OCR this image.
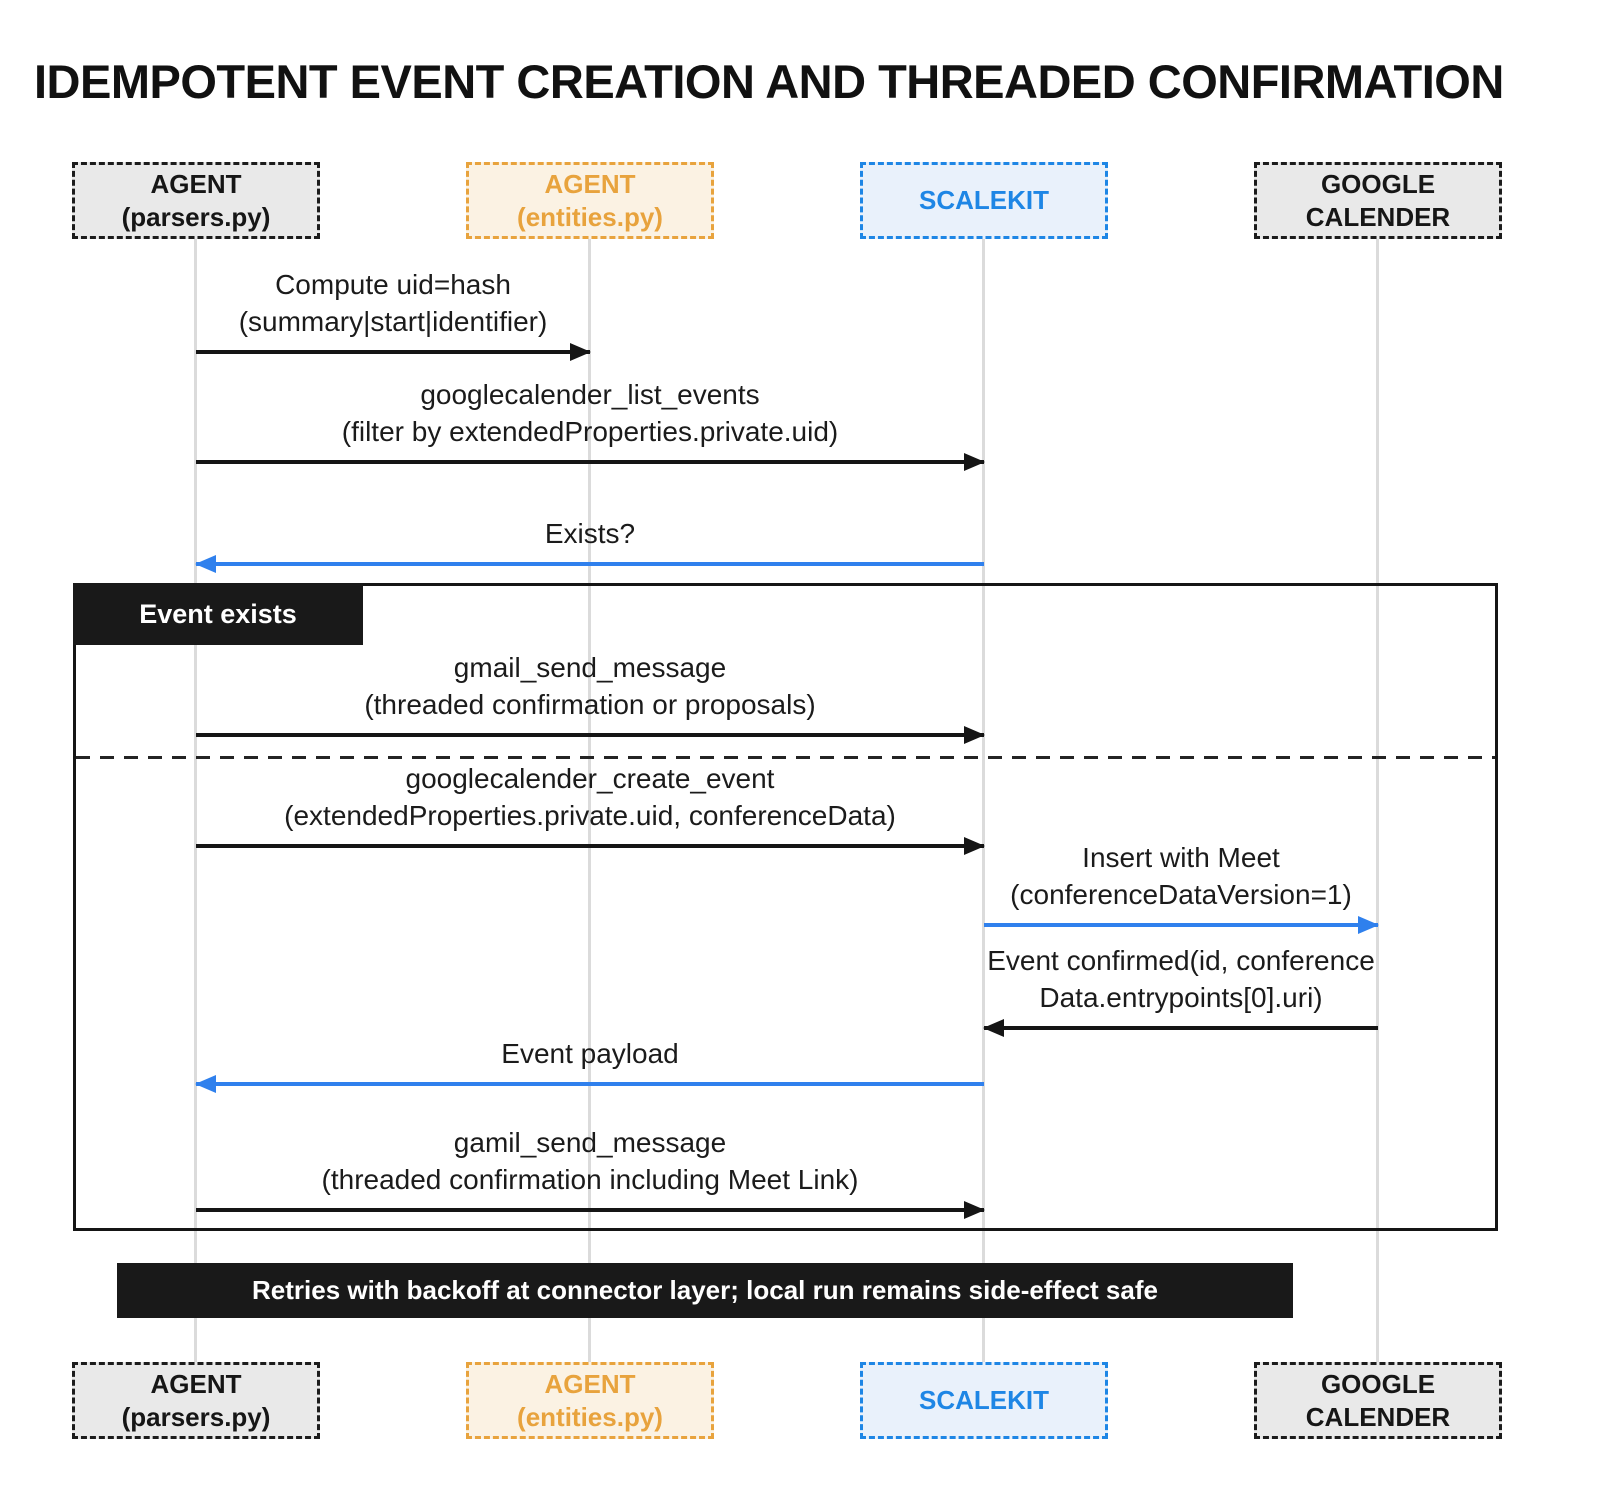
IDEMPOTENT EVENT CREATION AND THREADED CONFIRMATION
AGENT
(parsers.py)
AGENT
(entities.py)
SCALEKIT
GOOGLE
CALENDER
Compute uid=hash
(summary|start|identifier)
googlecalender_list_events
(filter by extendedProperties.private.uid)
Exists?
Event exists
gmail_send_message
(threaded confirmation or proposals)
googlecalender_create_event
(extendedProperties.private.uid, conferenceData)
Insert with Meet
(conferenceDataVersion=1)
Event confirmed(id, conference
Data.entrypoints[0].uri)
Event payload
gamil_send_message
(threaded confirmation including Meet Link)
Retries with backoff at connector layer; local run remains side-effect safe
AGENT
(parsers.py)
AGENT
(entities.py)
SCALEKIT
GOOGLE
CALENDER
